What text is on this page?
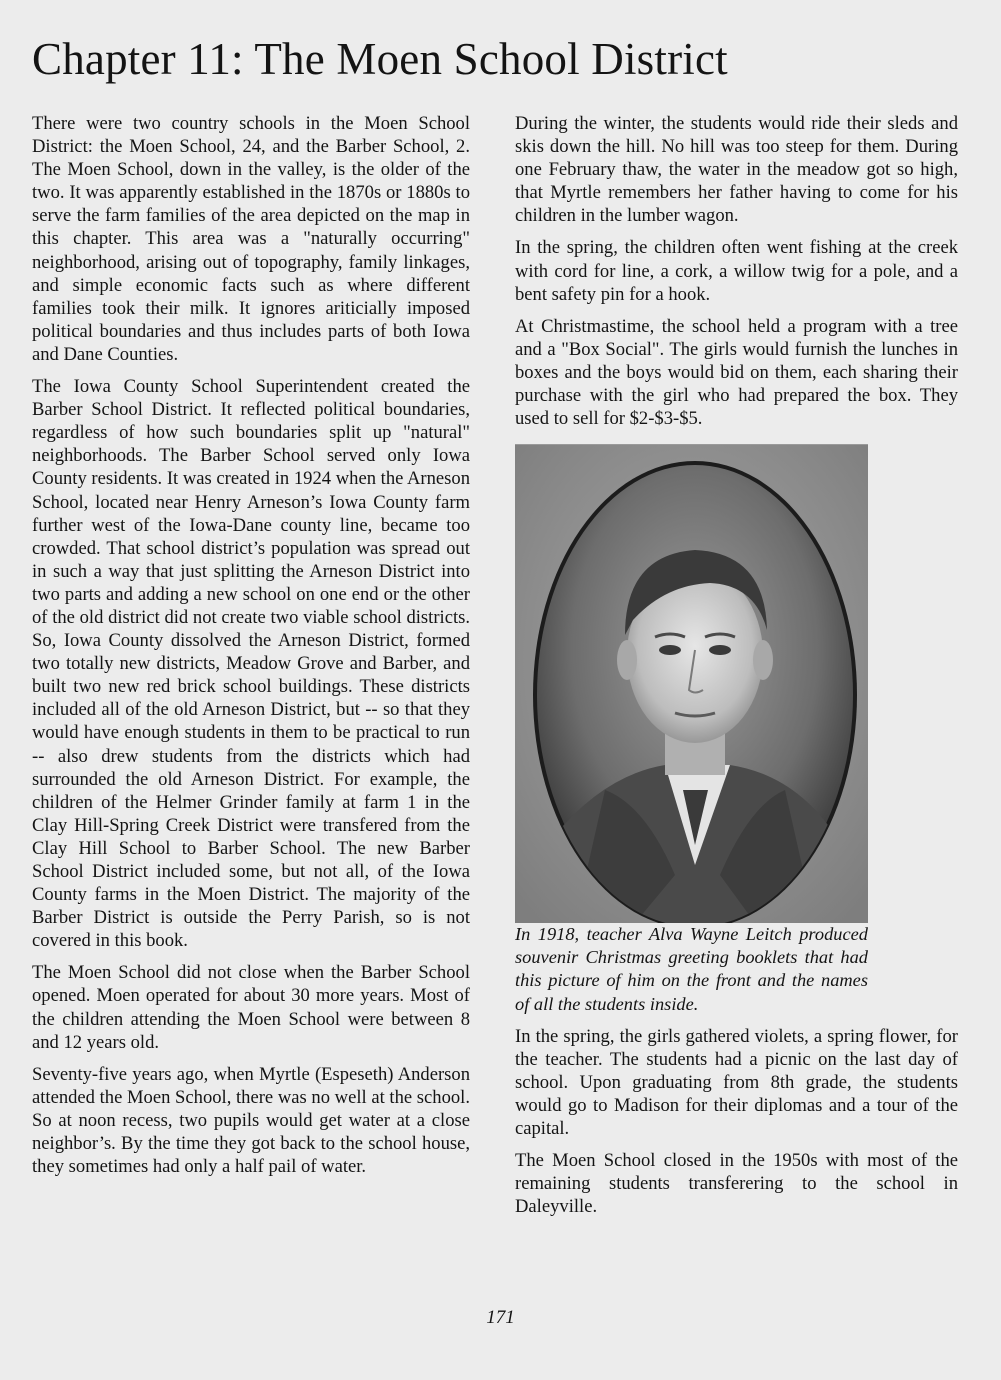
Chapter 11: The Moen School District

There were two country schools in the Moen School District: the Moen School, 24, and the Barber School, 2. The Moen School, down in the valley, is the older of the two. It was apparently established in the 1870s or 1880s to serve the farm families of the area depicted on the map in this chapter. This area was a "naturally occurring" neighborhood, arising out of topography, family linkages, and simple economic facts such as where different families took their milk. It ignores ariticially imposed political boundaries and thus includes parts of both Iowa and Dane Counties.

The Iowa County School Superintendent created the Barber School District. It reflected political boundaries, regardless of how such boundaries split up "natural" neighborhoods. The Barber School served only Iowa County residents. It was created in 1924 when the Arneson School, located near Henry Arneson’s Iowa County farm further west of the Iowa-Dane county line, became too crowded. That school district’s population was spread out in such a way that just splitting the Arneson District into two parts and adding a new school on one end or the other of the old district did not create two viable school districts. So, Iowa County dissolved the Arneson District, formed two totally new districts, Meadow Grove and Barber, and built two new red brick school buildings. These districts included all of the old Arneson District, but -- so that they would have enough students in them to be practical to run -- also drew students from the districts which had surrounded the old Arneson District. For example, the children of the Helmer Grinder family at farm 1 in the Clay Hill-Spring Creek District were transfered from the Clay Hill School to Barber School. The new Barber School District included some, but not all, of the Iowa County farms in the Moen District. The majority of the Barber District is outside the Perry Parish, so is not covered in this book.

The Moen School did not close when the Barber School opened. Moen operated for about 30 more years. Most of the children attending the Moen School were between 8 and 12 years old.

Seventy-five years ago, when Myrtle (Espeseth) Anderson attended the Moen School, there was no well at the school. So at noon recess, two pupils would get water at a close neighbor’s. By the time they got back to the school house, they sometimes had only a half pail of water.

During the winter, the students would ride their sleds and skis down the hill. No hill was too steep for them. During one February thaw, the water in the meadow got so high, that Myrtle remembers her father having to come for his children in the lumber wagon.

In the spring, the children often went fishing at the creek with cord for line, a cork, a willow twig for a pole, and a bent safety pin for a hook.

At Christmastime, the school held a program with a tree and a "Box Social". The girls would furnish the lunches in boxes and the boys would bid on them, each sharing their purchase with the girl who had prepared the box. They used to sell for $2-$3-$5.

In 1918, teacher Alva Wayne Leitch produced souvenir Christmas greeting booklets that had this picture of him on the front and the names of all the students inside.

In the spring, the girls gathered violets, a spring flower, for the teacher. The students had a picnic on the last day of school. Upon graduating from 8th grade, the students would go to Madison for their diplomas and a tour of the capital.

The Moen School closed in the 1950s with most of the remaining students transferering to the school in Daleyville.

171
